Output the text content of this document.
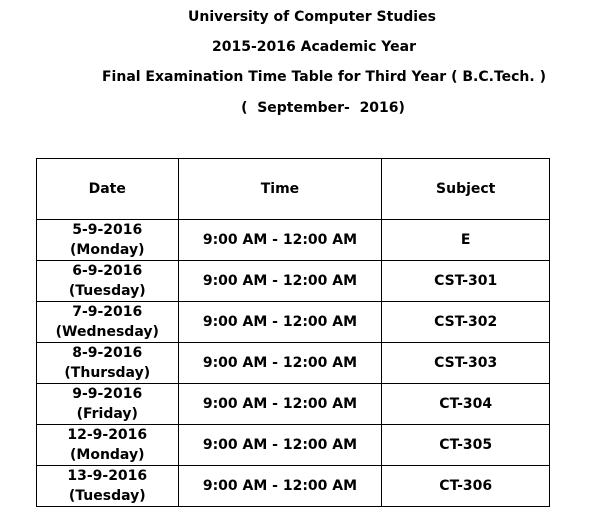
University of Computer Studies
2015-2016 Academic Year
Final Examination Time Table for Third Year ( B.C.Tech. )
(  September-  2016)
Date	Time	Subject

5-9-2016
(Monday)	9:00 AM - 12:00 AM	E

6-9-2016
(Tuesday)	9:00 AM - 12:00 AM	CST-301

7-9-2016
(Wednesday)	9:00 AM - 12:00 AM	CST-302

8-9-2016
(Thursday)	9:00 AM - 12:00 AM	CST-303

9-9-2016
(Friday)	9:00 AM - 12:00 AM	CT-304

12-9-2016
(Monday)	9:00 AM - 12:00 AM	CT-305

13-9-2016
(Tuesday)	9:00 AM - 12:00 AM	CT-306
